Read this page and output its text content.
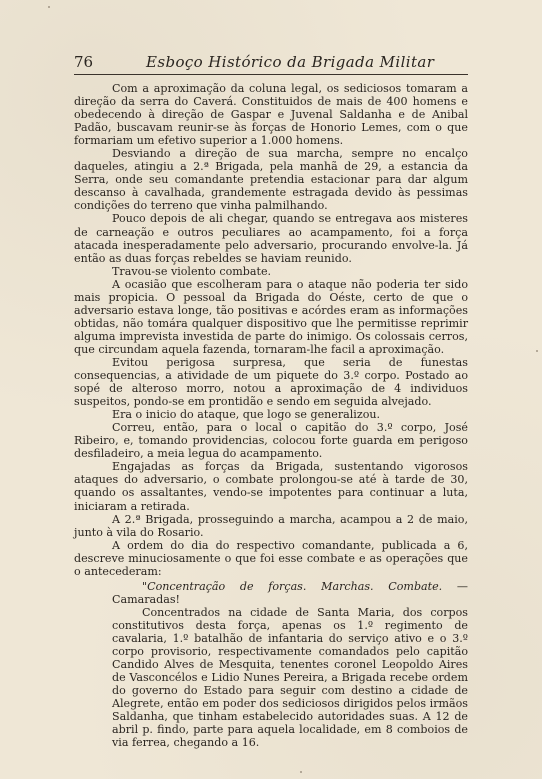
76	Esboço Histórico da Brigada Militar

Com a aproximação da coluna legal, os sediciosos tomaram a direção da serra do Caverá. Constituidos de mais de 400 homens e obedecendo à direção de Gaspar e Juvenal Saldanha e de Anibal Padão, buscavam reunir-se às forças de Honorio Lemes, com o que formariam um efetivo superior a 1.000 homens.

Desviando a direção de sua marcha, sempre no encalço daqueles, atingiu a 2.ª Brigada, pela manhã de 29, a estancia da Serra, onde seu comandante pretendia estacionar para dar algum descanso à cavalhada, grandemente estragada devido às pessimas condições do terreno que vinha palmilhando.

Pouco depois de ali chegar, quando se entregava aos misteres de carneação e outros peculiares ao acampamento, foi a força atacada inesperadamente pelo adversario, procurando envolve-la. Já então as duas forças rebeldes se haviam reunido.

Travou-se violento combate.

A ocasião que escolheram para o ataque não poderia ter sido mais propicia. O pessoal da Brigada do Oéste, certo de que o adversario estava longe, tão positivas e acórdes eram as informações obtidas, não tomára qualquer dispositivo que lhe permitisse reprimir alguma imprevista investida de parte do inimigo. Os colossais cerros, que circundam aquela fazenda, tornaram-lhe facil a aproximação.

Evitou perigosa surpresa, que seria de funestas consequencias, a atividade de um piquete do 3.º corpo. Postado ao sopé de alteroso morro, notou a aproximação de 4 individuos suspeitos, pondo-se em prontidão e sendo em seguida alvejado.

Era o inicio do ataque, que logo se generalizou.

Correu, então, para o local o capitão do 3.º corpo, José Ribeiro, e, tomando providencias, colocou forte guarda em perigoso desfiladeiro, a meia legua do acampamento.

Engajadas as forças da Brigada, sustentando vigorosos ataques do adversario, o combate prolongou-se até à tarde de 30, quando os assaltantes, vendo-se impotentes para continuar a luta, iniciaram a retirada.

A 2.ª Brigada, prosseguindo a marcha, acampou a 2 de maio, junto à vila do Rosario.

A ordem do dia do respectivo comandante, publicada a 6, descreve minuciosamente o que foi esse combate e as operações que o antecederam:

"Concentração de forças. Marchas. Combate. — Camaradas!

Concentrados na cidade de Santa Maria, dos corpos constitutivos desta força, apenas os 1.º regimento de cavalaria, 1.º batalhão de infantaria do serviço ativo e o 3.º corpo provisorio, respectivamente comandados pelo capitão Candido Alves de Mesquita, tenentes coronel Leopoldo Aires de Vasconcélos e Lidio Nunes Pereira, a Brigada recebe ordem do governo do Estado para seguir com destino a cidade de Alegrete, então em poder dos sediciosos dirigidos pelos irmãos Saldanha, que tinham estabelecido autoridades suas. A 12 de abril p. findo, parte para aquela localidade, em 8 comboios de via ferrea, chegando a 16.
